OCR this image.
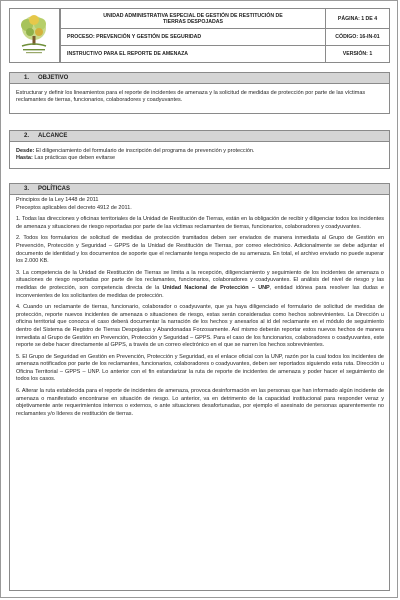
UNIDAD ADMINISTRATIVA ESPECIAL DE GESTIÓN DE RESTITUCIÓN DE TIERRAS DESPOJADAS
PROCESO: PREVENCIÓN Y GESTIÓN DE SEGURIDAD
INSTRUCTIVO PARA EL REPORTE DE AMENAZA
PÁGINA: 1 DE 4
CÓDIGO: 16-IN-01
VERSIÓN: 1
1. OBJETIVO

Estructurar y definir los lineamientos para el reporte de incidentes de amenaza y la solicitud de medidas de protección por parte de las víctimas reclamantes de tierras, funcionarios, colaboradores y coadyuvantes.

2. ALCANCE

Desde: El diligenciamiento del formulario de inscripción del programa de prevención y protección.

Hasta: Las prácticas que deben evitarse

3. POLÍTICAS

Principios de la Ley 1448 de 2011

Preceptos aplicables del decreto 4912 de 2011.

1. Todas las direcciones y oficinas territoriales de la Unidad de Restitución de Tierras, están en la obligación de recibir y diligenciar todos los incidentes de amenaza y situaciones de riesgo reportadas por parte de las víctimas reclamantes de tierras, funcionarios, colaboradores y coadyuvantes.

2. Todos los formularios de solicitud de medidas de protección tramitados deben ser enviados de manera inmediata al Grupo de Gestión en Prevención, Protección y Seguridad – GPPS de la Unidad de Restitución de Tierras, por correo electrónico. Adicionalmente se debe adjuntar el documento de identidad y los documentos de soporte que el reclamante tenga respecto de su amenaza. En total, el archivo enviado no puede superar los 2.000 KB.

3. La competencia de la Unidad de Restitución de Tierras se limita a la recepción, diligenciamiento y seguimiento de los incidentes de amenaza o situaciones de riesgo reportadas por parte de los reclamantes, funcionarios, colaboradores y coadyuvantes. El análisis del nivel de riesgo y las medidas de protección, son competencia directa de la Unidad Nacional de Protección – UNP, entidad idónea para resolver las dudas e inconvenientes de los solicitantes de medidas de protección.

4. Cuando un reclamante de tierras, funcionario, colaborador o coadyuvante, que ya haya diligenciado el formulario de solicitud de medidas de protección, reporte nuevos incidentes de amenaza o situaciones de riesgo, estas serán consideradas como hechos sobrevinientes. La Dirección u oficina territorial que conozca el caso deberá documentar la narración de los hechos y anexarlos al id del reclamante en el módulo de seguimiento dentro del Sistema de Registro de Tierras Despojadas y Abandonadas Forzosamente. Así mismo deberán reportar estos nuevos hechos de manera inmediata al Grupo de Gestión en Prevención, Protección y Seguridad – GPPS. Para el caso de los funcionarios, colaboradores o coadyuvantes, este reporte se debe hacer directamente al GPPS, a través de un correo electrónico en el que se narren los hechos sobrevinientes.

5. El Grupo de Seguridad en Gestión en Prevención, Protección y Seguridad, es el enlace oficial con la UNP, razón por la cual todos los incidentes de amenaza notificados por parte de los reclamantes, funcionarios, colaboradores o coadyuvantes, deben ser reportados siguiendo esta ruta. Dirección u Oficina Territorial – GPPS – UNP. Lo anterior con el fin estandarizar la ruta de reporte de incidentes de amenaza y poder hacer el seguimiento de todos los casos.

6. Alterar la ruta establecida para el reporte de incidentes de amenaza, provoca desinformación en las personas que han informado algún incidente de amenaza o manifestado encontrarse en situación de riesgo. Lo anterior, va en detrimento de la capacidad institucional para responder veraz y objetivamente ante requerimientos internos o externos, o ante situaciones desafortunadas, por ejemplo el asesinato de personas aparentemente no reclamantes y/o líderes de restitución de tierras.
